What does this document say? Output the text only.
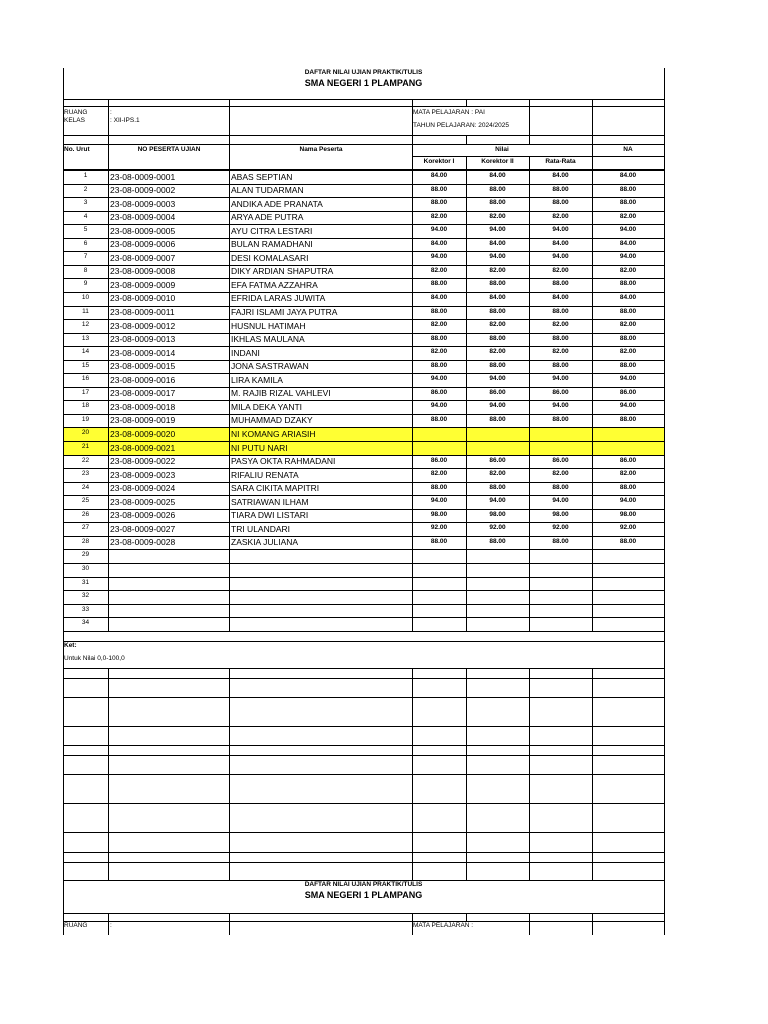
DAFTAR NILAI UJIAN PRAKTIK/TULIS
SMA NEGERI 1 PLAMPANG
RUANG
KELAS
:
: XII-IPS.1
MATA PELAJARAN : PAI
TAHUN PELAJARAN: 2024/2025
No. Urut	NO PESERTA UJIAN	Nama Peserta	Nilai	NA
Korektor I	Korektor II	Rata-Rata
1	23-08-0009-0001	ABAS SEPTIAN	84.00	84.00	84.00	84.00
2	23-08-0009-0002	ALAN TUDARMAN	88.00	88.00	88.00	88.00
3	23-08-0009-0003	ANDIKA ADE PRANATA	88.00	88.00	88.00	88.00
4	23-08-0009-0004	ARYA ADE PUTRA	82.00	82.00	82.00	82.00
5	23-08-0009-0005	AYU CITRA LESTARI	94.00	94.00	94.00	94.00
6	23-08-0009-0006	BULAN RAMADHANI	84.00	84.00	84.00	84.00
7	23-08-0009-0007	DESI KOMALASARI	94.00	94.00	94.00	94.00
8	23-08-0009-0008	DIKY ARDIAN SHAPUTRA	82.00	82.00	82.00	82.00
9	23-08-0009-0009	EFA FATMA AZZAHRA	88.00	88.00	88.00	88.00
10	23-08-0009-0010	EFRIDA LARAS JUWITA	84.00	84.00	84.00	84.00
11	23-08-0009-0011	FAJRI ISLAMI JAYA PUTRA	88.00	88.00	88.00	88.00
12	23-08-0009-0012	HUSNUL HATIMAH	82.00	82.00	82.00	82.00
13	23-08-0009-0013	IKHLAS MAULANA	88.00	88.00	88.00	88.00
14	23-08-0009-0014	INDANI	82.00	82.00	82.00	82.00
15	23-08-0009-0015	JONA SASTRAWAN	88.00	88.00	88.00	88.00
16	23-08-0009-0016	LIRA KAMILA	94.00	94.00	94.00	94.00
17	23-08-0009-0017	M. RAJIB RIZAL VAHLEVI	86.00	86.00	86.00	86.00
18	23-08-0009-0018	MILA DEKA YANTI	94.00	94.00	94.00	94.00
19	23-08-0009-0019	MUHAMMAD DZAKY	88.00	88.00	88.00	88.00
20	23-08-0009-0020	NI KOMANG ARIASIH
21	23-08-0009-0021	NI PUTU NARI
22	23-08-0009-0022	PASYA OKTA RAHMADANI	86.00	86.00	86.00	86.00
23	23-08-0009-0023	RIFALIU RENATA	82.00	82.00	82.00	82.00
24	23-08-0009-0024	SARA CIKITA MAPITRI	88.00	88.00	88.00	88.00
25	23-08-0009-0025	SATRIAWAN ILHAM	94.00	94.00	94.00	94.00
26	23-08-0009-0026	TIARA DWI LISTARI	98.00	98.00	98.00	98.00
27	23-08-0009-0027	TRI ULANDARI	92.00	92.00	92.00	92.00
28	23-08-0009-0028	ZASKIA JULIANA	88.00	88.00	88.00	88.00
29
30
31
32
33
34
Ket:
Untuk Nilai 0,0-100,0
DAFTAR NILAI UJIAN PRAKTIK/TULIS
SMA NEGERI 1 PLAMPANG
RUANG	:	MATA PELAJARAN :
